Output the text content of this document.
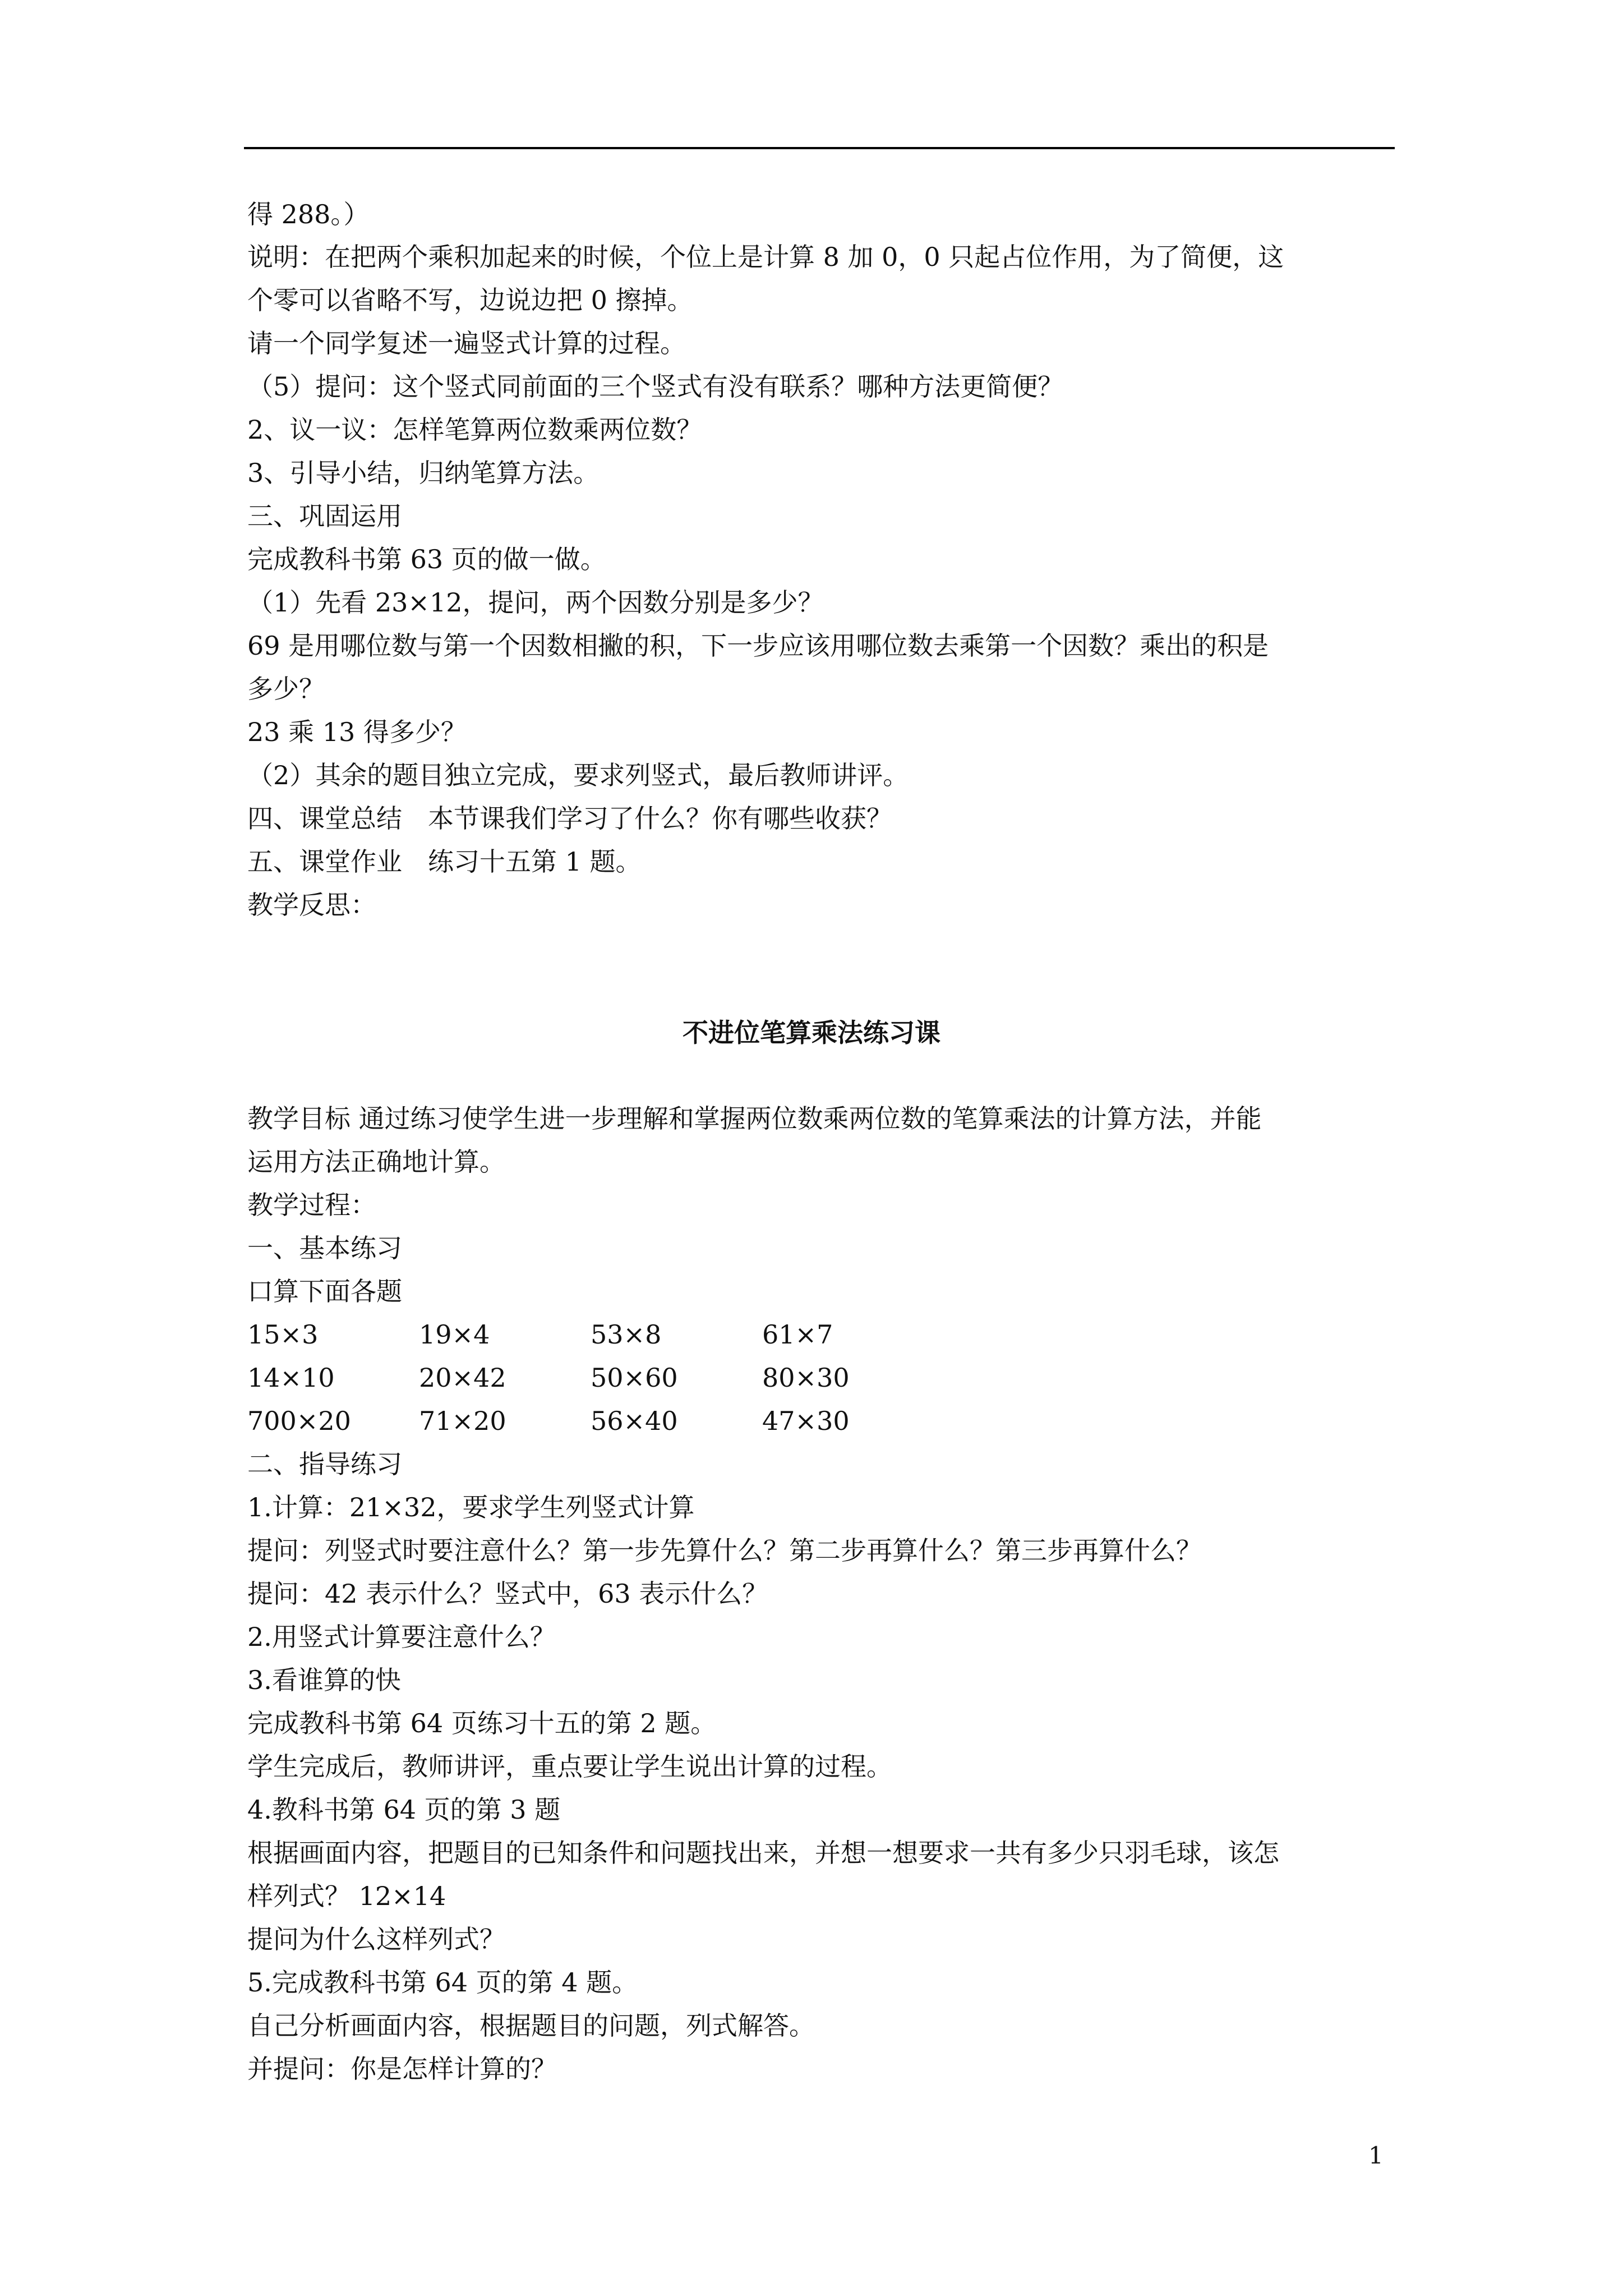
得 288。）
说明：在把两个乘积加起来的时候，个位上是计算 8 加 0，0 只起占位作用，为了简便，这
个零可以省略不写，边说边把 0 擦掉。
请一个同学复述一遍竖式计算的过程。
（5）提问：这个竖式同前面的三个竖式有没有联系？哪种方法更简便？
2、议一议：怎样笔算两位数乘两位数？
3、引导小结，归纳笔算方法。
三、巩固运用
完成教科书第 63 页的做一做。
（1）先看 23×12，提问，两个因数分别是多少？
69 是用哪位数与第一个因数相撇的积，下一步应该用哪位数去乘第一个因数？乘出的积是
多少？
23 乘 13 得多少？
（2）其余的题目独立完成，要求列竖式，最后教师讲评。
四、课堂总结　本节课我们学习了什么？你有哪些收获？
五、课堂作业　练习十五第 1 题。
教学反思：
不进位笔算乘法练习课
教学目标 通过练习使学生进一步理解和掌握两位数乘两位数的笔算乘法的计算方法，并能
运用方法正确地计算。
教学过程：
一、基本练习
口算下面各题
15×3	19×4	53×8	61×7
14×10	20×42	50×60	80×30
700×20	71×20	56×40	47×30
二、指导练习
1.计算：21×32，要求学生列竖式计算
提问：列竖式时要注意什么？第一步先算什么？第二步再算什么？第三步再算什么？
提问：42 表示什么？竖式中，63 表示什么？
2.用竖式计算要注意什么？
3.看谁算的快
完成教科书第 64 页练习十五的第 2 题。
学生完成后，教师讲评，重点要让学生说出计算的过程。
4.教科书第 64 页的第 3 题
根据画面内容，把题目的已知条件和问题找出来，并想一想要求一共有多少只羽毛球，该怎
样列式？ 12×14
提问为什么这样列式？
5.完成教科书第 64 页的第 4 题。
自己分析画面内容，根据题目的问题，列式解答。
并提问：你是怎样计算的？
1
